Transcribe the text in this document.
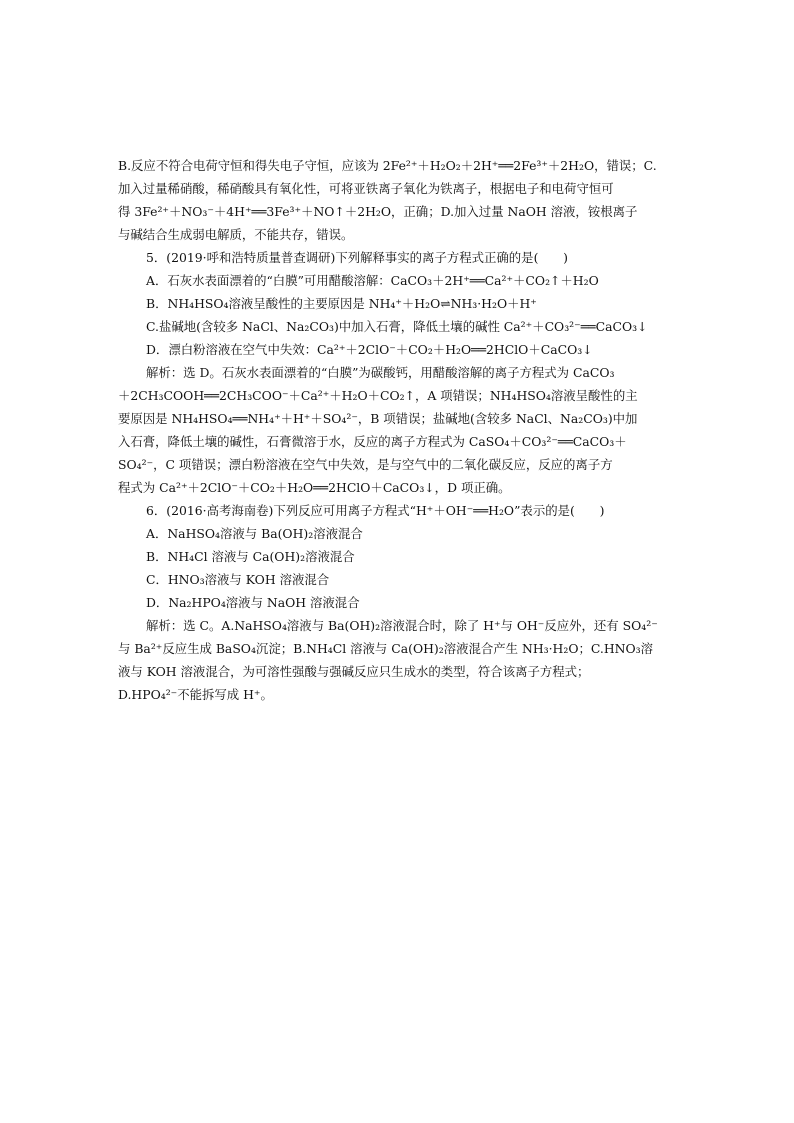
B.反应不符合电荷守恒和得失电子守恒，应该为 2Fe²⁺＋H₂O₂＋2H⁺══2Fe³⁺＋2H₂O，错误；C.
加入过量稀硝酸，稀硝酸具有氧化性，可将亚铁离子氧化为铁离子，根据电子和电荷守恒可
得 3Fe²⁺＋NO₃⁻＋4H⁺══3Fe³⁺＋NO↑＋2H₂O，正确；D.加入过量 NaOH 溶液，铵根离子
与碱结合生成弱电解质，不能共存，错误。
5．(2019·呼和浩特质量普查调研)下列解释事实的离子方程式正确的是(　　)
A．石灰水表面漂着的“白膜”可用醋酸溶解：CaCO₃＋2H⁺══Ca²⁺＋CO₂↑＋H₂O
B．NH₄HSO₄溶液呈酸性的主要原因是 NH₄⁺＋H₂O⇌NH₃·H₂O＋H⁺
C.盐碱地(含较多 NaCl、Na₂CO₃)中加入石膏，降低土壤的碱性 Ca²⁺＋CO₃²⁻══CaCO₃↓
D．漂白粉溶液在空气中失效：Ca²⁺＋2ClO⁻＋CO₂＋H₂O══2HClO＋CaCO₃↓
解析：选 D。石灰水表面漂着的“白膜”为碳酸钙，用醋酸溶解的离子方程式为 CaCO₃
＋2CH₃COOH══2CH₃COO⁻＋Ca²⁺＋H₂O＋CO₂↑，A 项错误；NH₄HSO₄溶液呈酸性的主
要原因是 NH₄HSO₄══NH₄⁺＋H⁺＋SO₄²⁻，B 项错误；盐碱地(含较多 NaCl、Na₂CO₃)中加
入石膏，降低土壤的碱性，石膏微溶于水，反应的离子方程式为 CaSO₄＋CO₃²⁻══CaCO₃＋
SO₄²⁻，C 项错误；漂白粉溶液在空气中失效，是与空气中的二氧化碳反应，反应的离子方
程式为 Ca²⁺＋2ClO⁻＋CO₂＋H₂O══2HClO＋CaCO₃↓，D 项正确。
6．(2016·高考海南卷)下列反应可用离子方程式“H⁺＋OH⁻══H₂O”表示的是(　　)
A．NaHSO₄溶液与 Ba(OH)₂溶液混合
B．NH₄Cl 溶液与 Ca(OH)₂溶液混合
C．HNO₃溶液与 KOH 溶液混合
D．Na₂HPO₄溶液与 NaOH 溶液混合
解析：选 C。A.NaHSO₄溶液与 Ba(OH)₂溶液混合时，除了 H⁺与 OH⁻反应外，还有 SO₄²⁻
与 Ba²⁺反应生成 BaSO₄沉淀；B.NH₄Cl 溶液与 Ca(OH)₂溶液混合产生 NH₃·H₂O；C.HNO₃溶
液与 KOH 溶液混合，为可溶性强酸与强碱反应只生成水的类型，符合该离子方程式；
D.HPO₄²⁻不能拆写成 H⁺。
